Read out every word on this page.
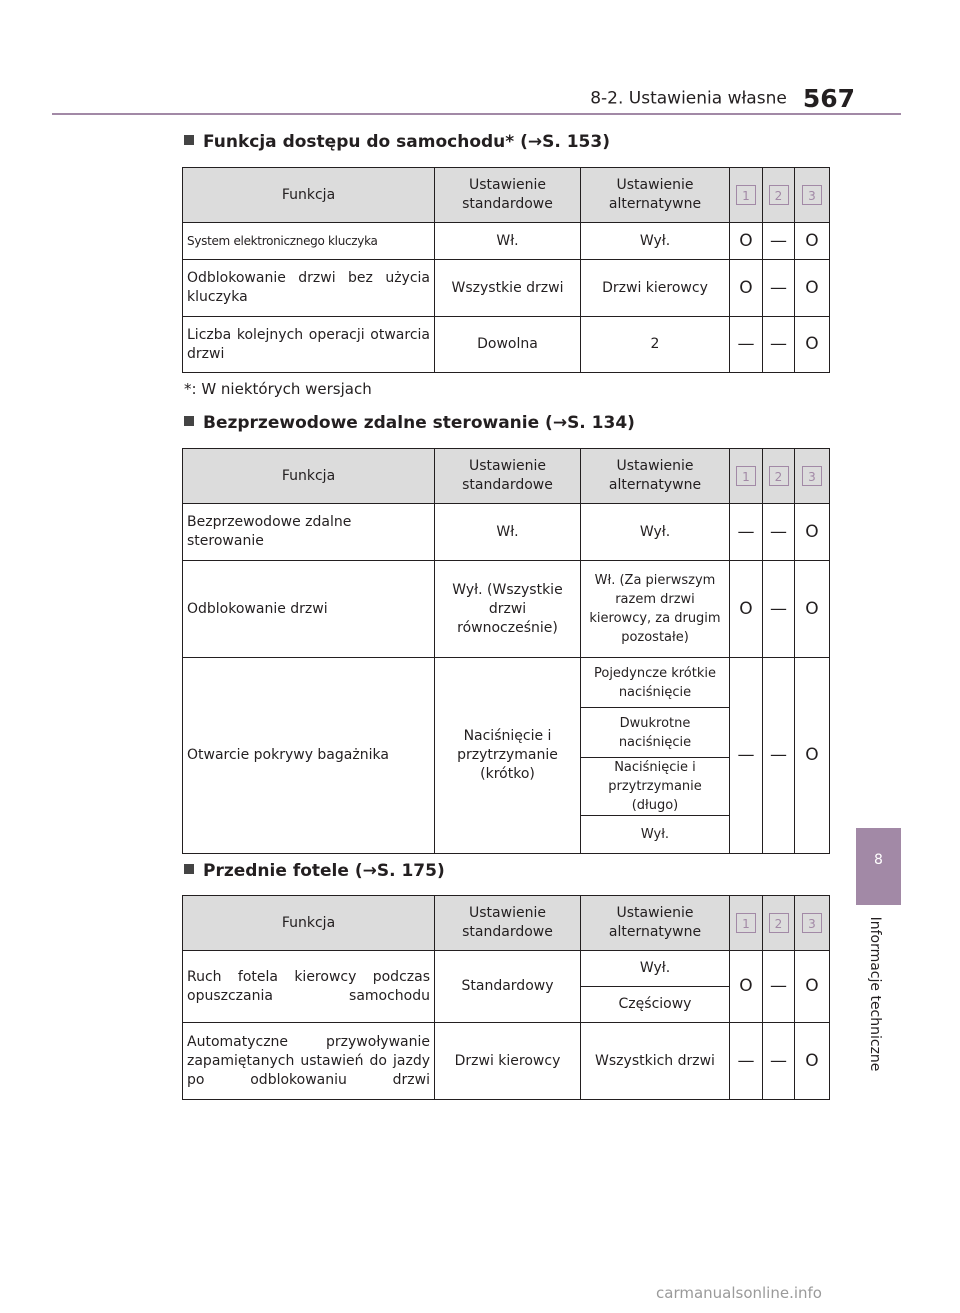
8-2. Ustawienia własne 567
8
Informacje techniczne
Funkcja dostępu do samochodu* (→S. 153)
Funkcja	Ustawienie standardowe	Ustawienie alternatywne	1	2	3
System elektronicznego kluczyka	Wł.	Wył.	O	—	O
Odblokowanie drzwi bez użycia kluczyka	Wszystkie drzwi	Drzwi kierowcy	O	—	O
Liczba kolejnych operacji otwarcia drzwi	Dowolna	2	—	—	O
*: W niektórych wersjach
Bezprzewodowe zdalne sterowanie (→S. 134)
Funkcja	Ustawienie standardowe	Ustawienie alternatywne	1	2	3
Bezprzewodowe zdalne sterowanie	Wł.	Wył.	—	—	O
Odblokowanie drzwi	Wył. (Wszystkie drzwi równocześnie)	Wł. (Za pierwszym razem drzwi kierowcy, za drugim pozostałe)	O	—	O
Otwarcie pokrywy bagażnika	Naciśnięcie i przytrzymanie (krótko)	Pojedyncze krótkie naciśnięcie	—	—	O
		Dwukrotne naciśnięcie			
		Naciśnięcie i przytrzymanie (długo)			
		Wył.			
Przednie fotele (→S. 175)
Funkcja	Ustawienie standardowe	Ustawienie alternatywne	1	2	3
Ruch fotela kierowcy podczas opuszczania samochodu	Standardowy	Wył.	O	—	O
		Częściowy			
Automatyczne przywoływanie zapamiętanych ustawień do jazdy po odblokowaniu drzwi	Drzwi kierowcy	Wszystkich drzwi	—	—	O
carmanualsonline.info
